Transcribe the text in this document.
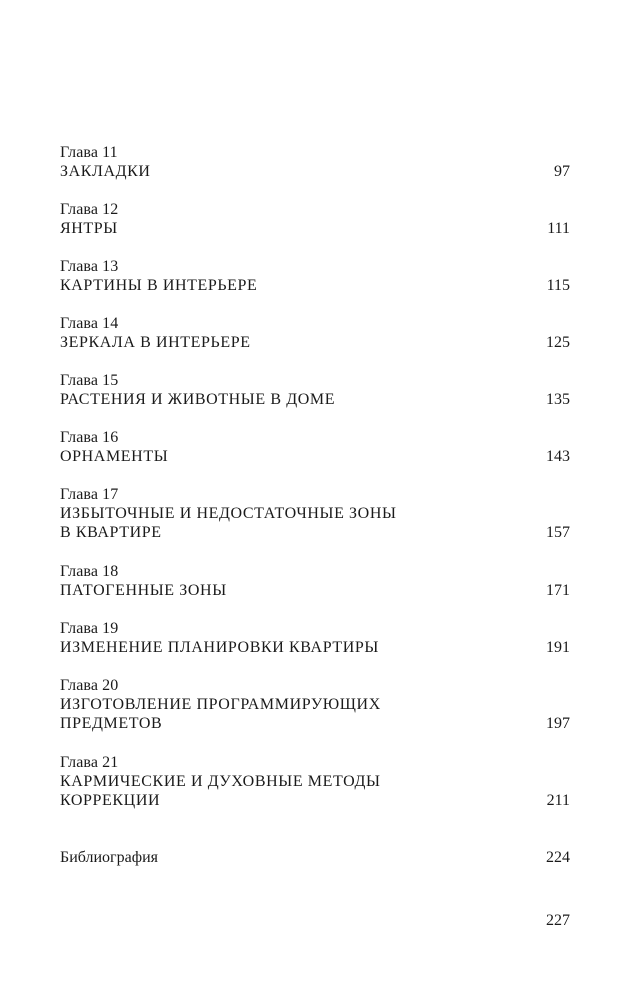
Глава 11
ЗАКЛАДКИ	97
Глава 12
ЯНТРЫ	111
Глава 13
КАРТИНЫ В ИНТЕРЬЕРЕ	115
Глава 14
ЗЕРКАЛА В ИНТЕРЬЕРЕ	125
Глава 15
РАСТЕНИЯ И ЖИВОТНЫЕ В ДОМЕ	135
Глава 16
ОРНАМЕНТЫ	143
Глава 17
ИЗБЫТОЧНЫЕ И НЕДОСТАТОЧНЫЕ ЗОНЫ
В КВАРТИРЕ	157
Глава 18
ПАТОГЕННЫЕ ЗОНЫ	171
Глава 19
ИЗМЕНЕНИЕ ПЛАНИРОВКИ КВАРТИРЫ	191
Глава 20
ИЗГОТОВЛЕНИЕ ПРОГРАММИРУЮЩИХ
ПРЕДМЕТОВ	197
Глава 21
КАРМИЧЕСКИЕ И ДУХОВНЫЕ МЕТОДЫ
КОРРЕКЦИИ	211
Библиография	224
227
